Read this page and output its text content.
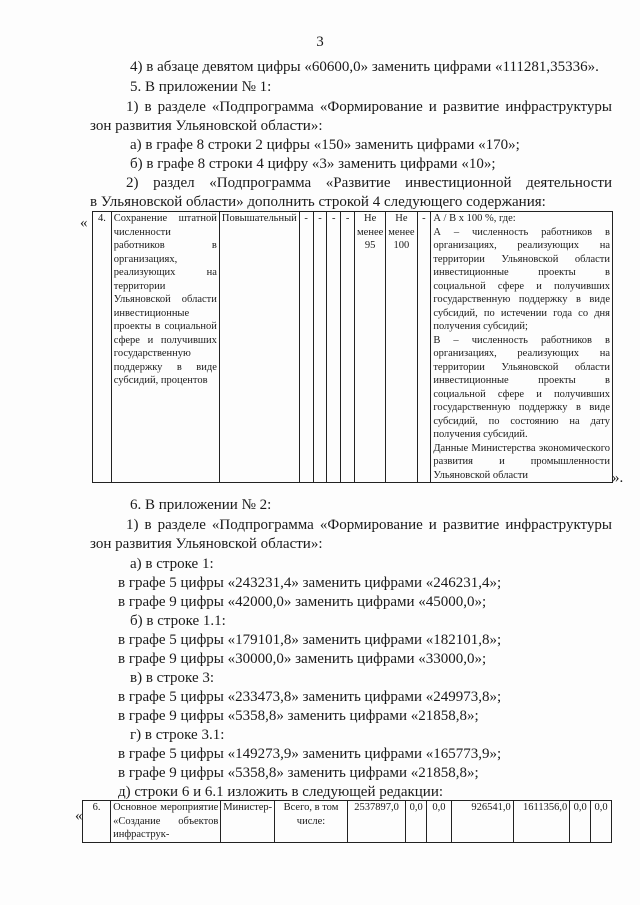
3
4) в абзаце девятом цифры «60600,0» заменить цифрами «111281,35336».
5. В приложении № 1:
1) в разделе «Подпрограмма «Формирование и развитие инфраструктуры
зон развития Ульяновской области»:
а) в графе 8 строки 2 цифры «150» заменить цифрами «170»;
б) в графе 8 строки 4 цифру «3» заменить цифрами «10»;
2) раздел «Подпрограмма «Развитие инвестиционной деятельности
в Ульяновской области» дополнить строкой 4 следующего содержания:
« 4.	Сохранение штатной численности работников в организациях, реализующих на территории Ульяновской области инвестиционные проекты в социальной сфере и получивших государственную поддержку в виде субсидий, процентов	Повышательный	-	-	-	-	Не менее 95	Не менее 100	-	А / В х 100 %, где:
А – численность работников в организациях, реализующих на территории Ульяновской области инвестиционные проекты в социальной сфере и получивших государственную поддержку в виде субсидий, по истечении года со дня получения субсидий;
В – численность работников в организациях, реализующих на территории Ульяновской области инвестиционные проекты в социальной сфере и получивших государственную поддержку в виде субсидий, по состоянию на дату получения субсидий.
Данные Министерства экономического развития и промышленности Ульяновской области	».
6. В приложении № 2:
1) в разделе «Подпрограмма «Формирование и развитие инфраструктуры
зон развития Ульяновской области»:
а) в строке 1:
в графе 5 цифры «243231,4» заменить цифрами «246231,4»;
в графе 9 цифры «42000,0» заменить цифрами «45000,0»;
б) в строке 1.1:
в графе 5 цифры «179101,8» заменить цифрами «182101,8»;
в графе 9 цифры «30000,0» заменить цифрами «33000,0»;
в) в строке 3:
в графе 5 цифры «233473,8» заменить цифрами «249973,8»;
в графе 9 цифры «5358,8» заменить цифрами «21858,8»;
г) в строке 3.1:
в графе 5 цифры «149273,9» заменить цифрами «165773,9»;
в графе 9 цифры «5358,8» заменить цифрами «21858,8»;
д) строки 6 и 6.1 изложить в следующей редакции:
«
6.	Основное мероприятие «Создание объектов инфраструк-	Министер-	Всего, в том числе:	2537897,0	0,0	0,0	926541,0	1611356,0	0,0	0,0
